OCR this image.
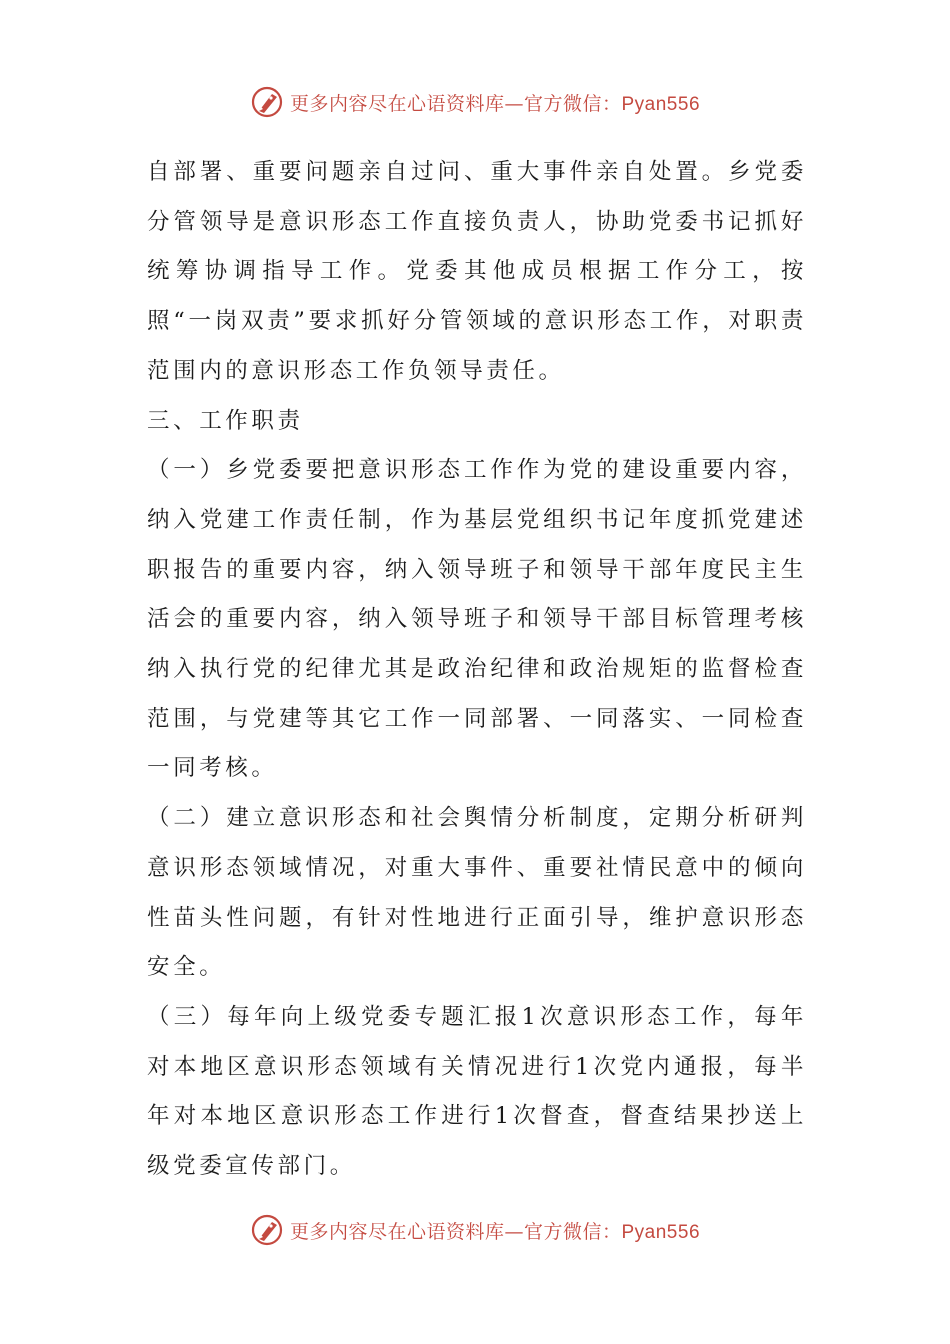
更多内容尽在心语资料库—官方微信：Pyan556

自部署、重要问题亲自过问、重大事件亲自处置。乡党委分管领导是意识形态工作直接负责人，协助党委书记抓好统筹协调指导工作。党委其他成员根据工作分工，按照“一岗双责”要求抓好分管领域的意识形态工作，对职责范围内的意识形态工作负领导责任。

三、工作职责

（一）乡党委要把意识形态工作作为党的建设重要内容，纳入党建工作责任制，作为基层党组织书记年度抓党建述职报告的重要内容，纳入领导班子和领导干部年度民主生活会的重要内容，纳入领导班子和领导干部目标管理考核纳入执行党的纪律尤其是政治纪律和政治规矩的监督检查范围，与党建等其它工作一同部署、一同落实、一同检查一同考核。

（二）建立意识形态和社会舆情分析制度，定期分析研判意识形态领域情况，对重大事件、重要社情民意中的倾向性苗头性问题，有针对性地进行正面引导，维护意识形态安全。

（三）每年向上级党委专题汇报1次意识形态工作，每年对本地区意识形态领域有关情况进行1次党内通报，每半年对本地区意识形态工作进行1次督查，督查结果抄送上级党委宣传部门。

更多内容尽在心语资料库—官方微信：Pyan556
